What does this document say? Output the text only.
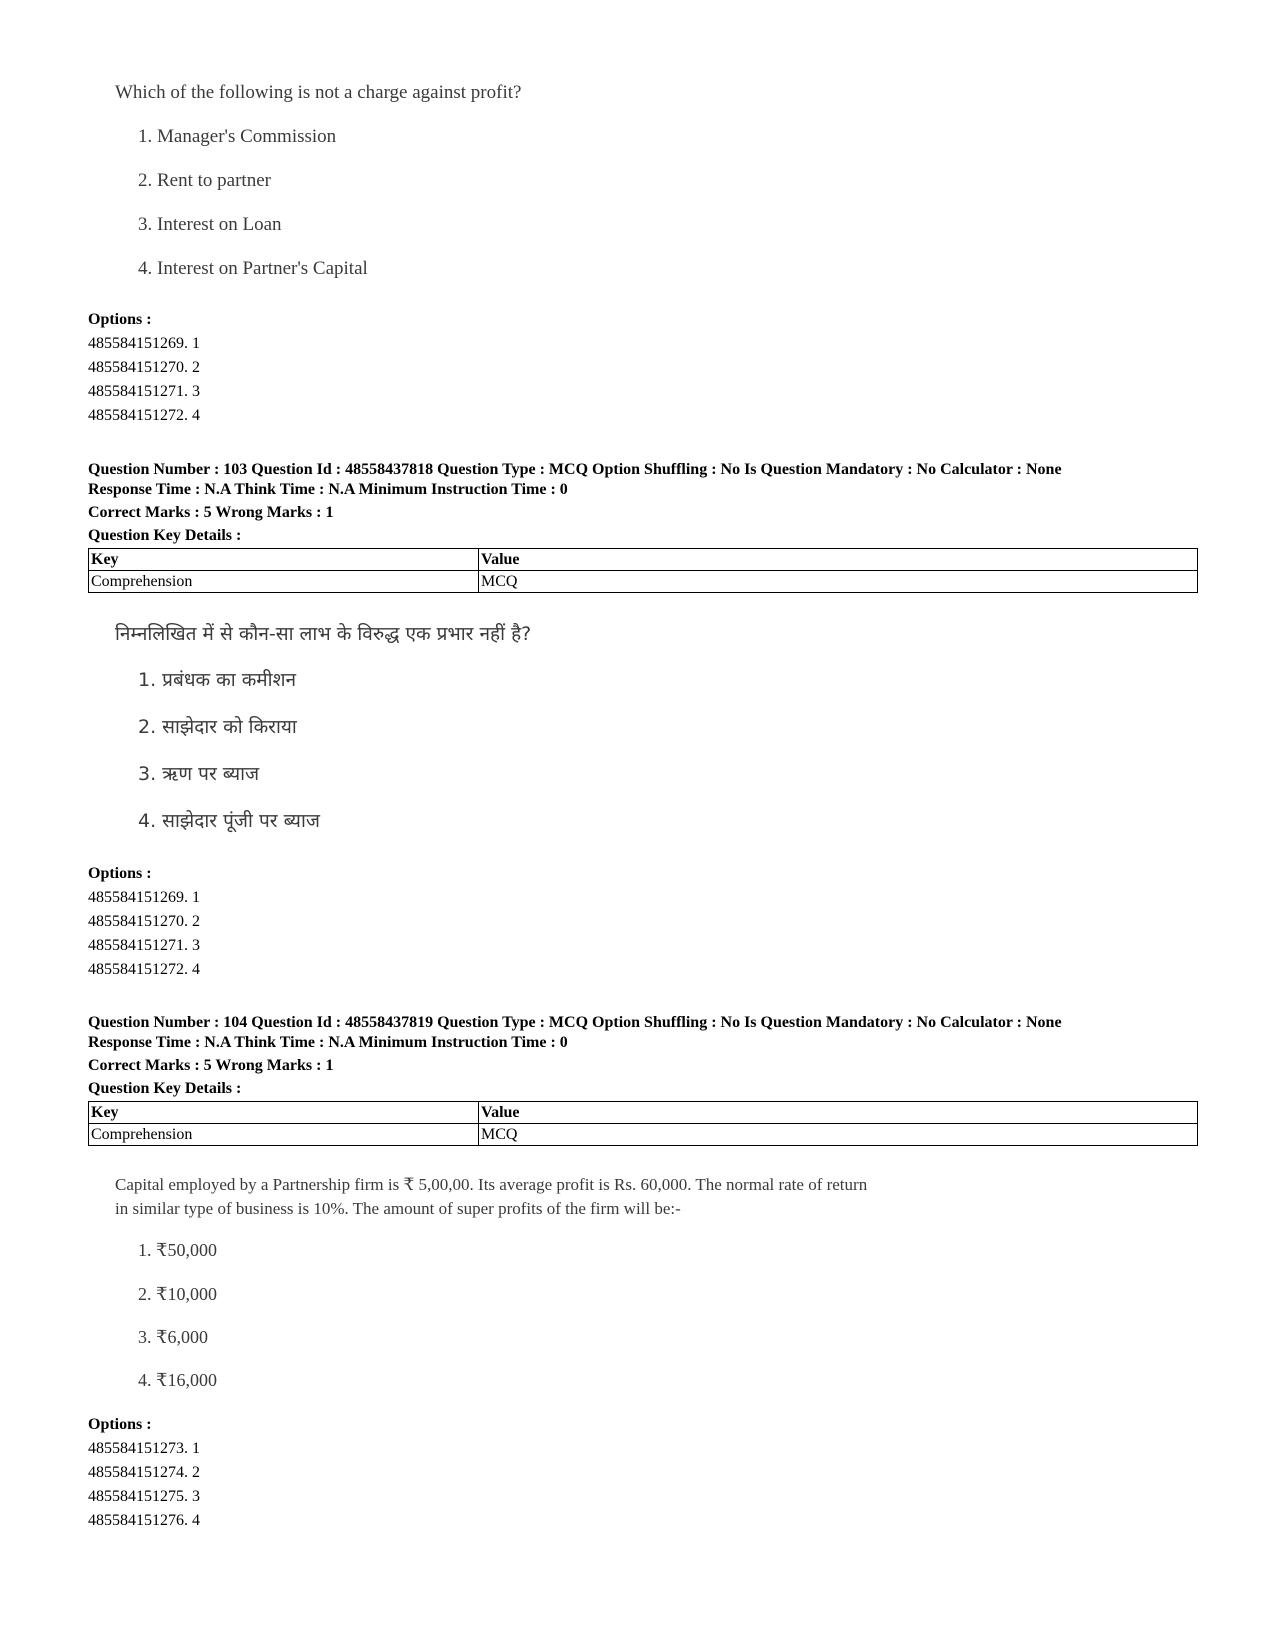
Which of the following is not a charge against profit?
1. Manager's Commission
2. Rent to partner
3. Interest on Loan
4. Interest on Partner's Capital
Options :
485584151269. 1
485584151270. 2
485584151271. 3
485584151272. 4
Question Number : 103 Question Id : 48558437818 Question Type : MCQ Option Shuffling : No Is Question Mandatory : No Calculator : None
Response Time : N.A Think Time : N.A Minimum Instruction Time : 0
Correct Marks : 5 Wrong Marks : 1
Question Key Details :
Key	Value
Comprehension	MCQ
निम्नलिखित में से कौन-सा लाभ के विरुद्ध एक प्रभार नहीं है?
1. प्रबंधक का कमीशन
2. साझेदार को किराया
3. ऋण पर ब्याज
4. साझेदार पूंजी पर ब्याज
Options :
485584151269. 1
485584151270. 2
485584151271. 3
485584151272. 4
Question Number : 104 Question Id : 48558437819 Question Type : MCQ Option Shuffling : No Is Question Mandatory : No Calculator : None
Response Time : N.A Think Time : N.A Minimum Instruction Time : 0
Correct Marks : 5 Wrong Marks : 1
Question Key Details :
Key	Value
Comprehension	MCQ
Capital employed by a Partnership firm is ₹ 5,00,00. Its average profit is Rs. 60,000. The normal rate of return
in similar type of business is 10%. The amount of super profits of the firm will be:-
1. ₹50,000
2. ₹10,000
3. ₹6,000
4. ₹16,000
Options :
485584151273. 1
485584151274. 2
485584151275. 3
485584151276. 4
